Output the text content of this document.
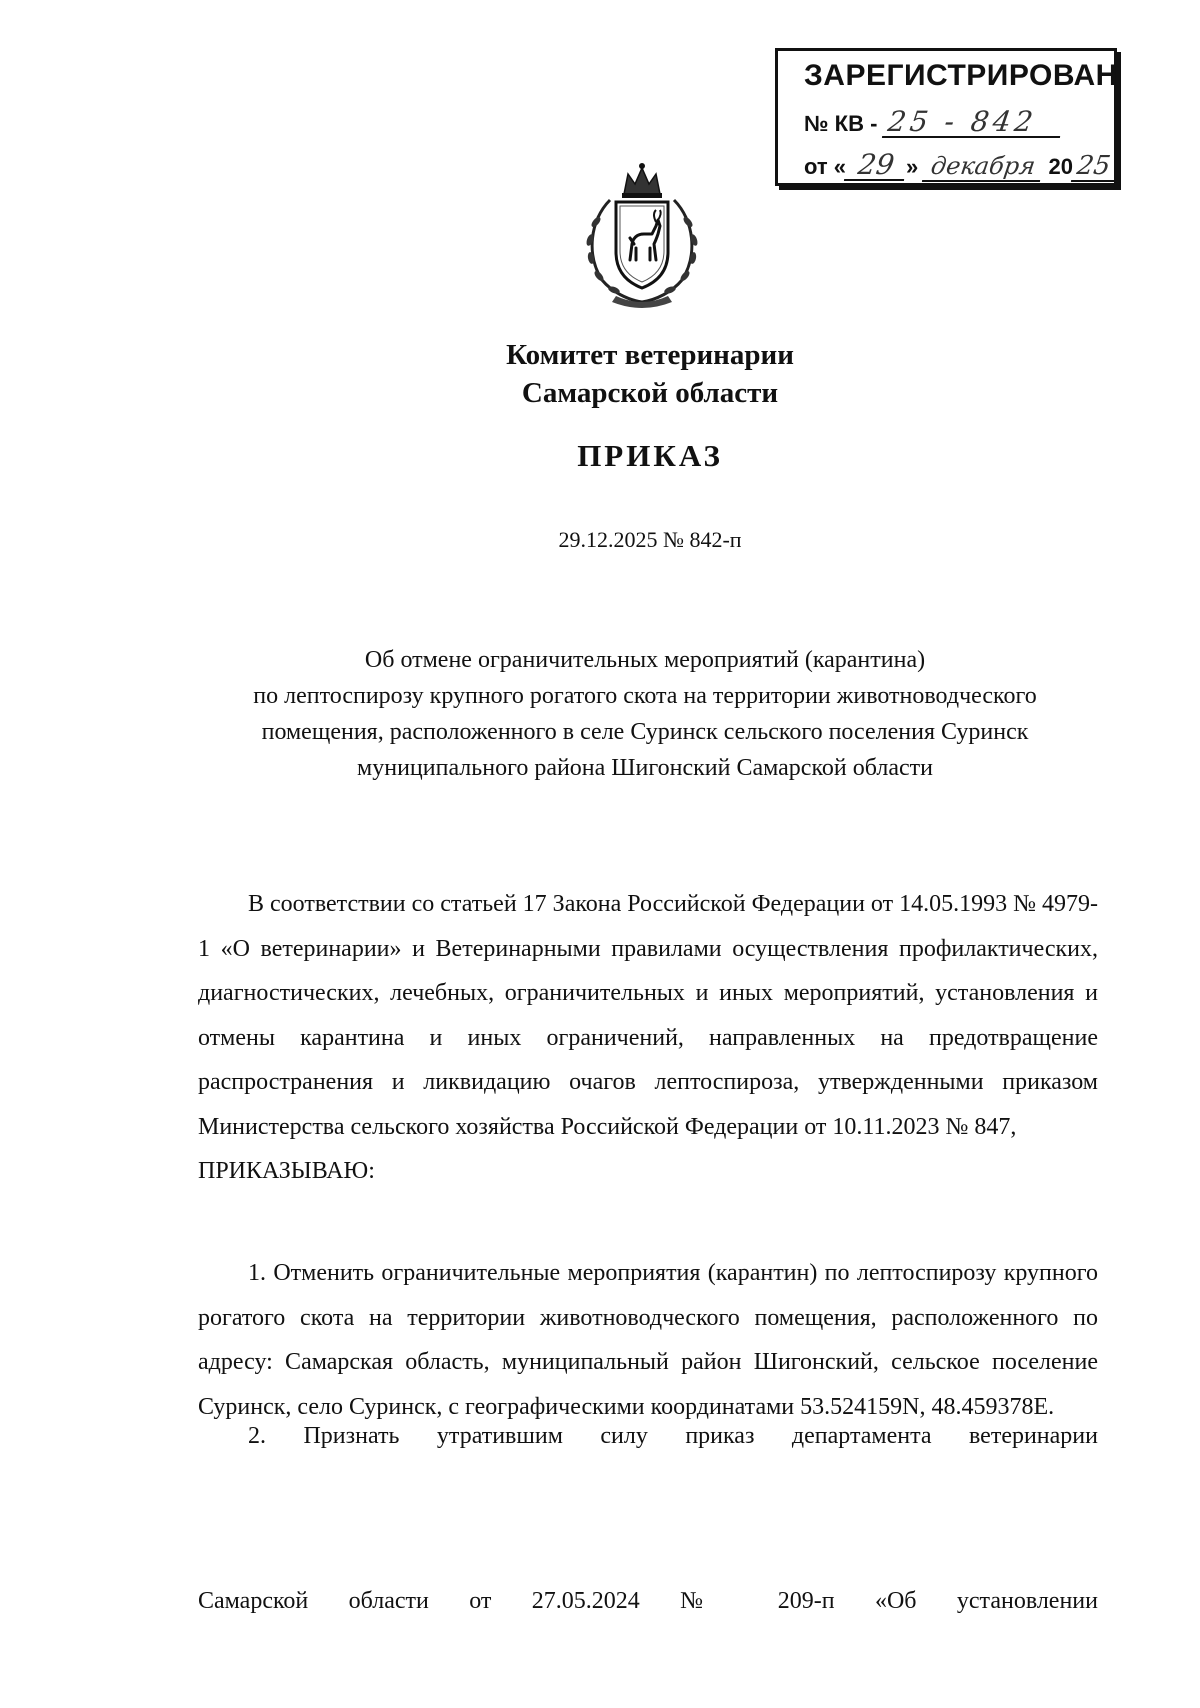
ЗАРЕГИСТРИРОВАН
№ КВ - 25 - 842
от « 29 » декабря 2025
Комитет ветеринарии
Самарской области
ПРИКАЗ
29.12.2025 № 842-п
Об отмене ограничительных мероприятий (карантина)
по лептоспирозу крупного рогатого скота на территории животноводческого
помещения, расположенного в селе Суринск сельского поселения Суринск
муниципального района Шигонский Самарской области

В соответствии со статьей 17 Закона Российской Федерации от 14.05.1993 № 4979-1 «О ветеринарии» и Ветеринарными правилами осуществления профилактических, диагностических, лечебных, ограничительных и иных мероприятий, установления и отмены карантина и иных ограничений, направленных на предотвращение распространения и ликвидацию очагов лептоспироза, утвержденными приказом Министерства сельского хозяйства Российской Федерации от 10.11.2023 № 847,

ПРИКАЗЫВАЮ:

1. Отменить ограничительные мероприятия (карантин) по лептоспирозу крупного рогатого скота на территории животноводческого помещения, расположенного по адресу: Самарская область, муниципальный район Шигонский, сельское поселение Суринск, село Суринск, с географическими координатами 53.524159N, 48.459378E.

2. Признать утратившим силу приказ департамента ветеринарии

Самарской области от 27.05.2024 № 209-п «Об установлении
